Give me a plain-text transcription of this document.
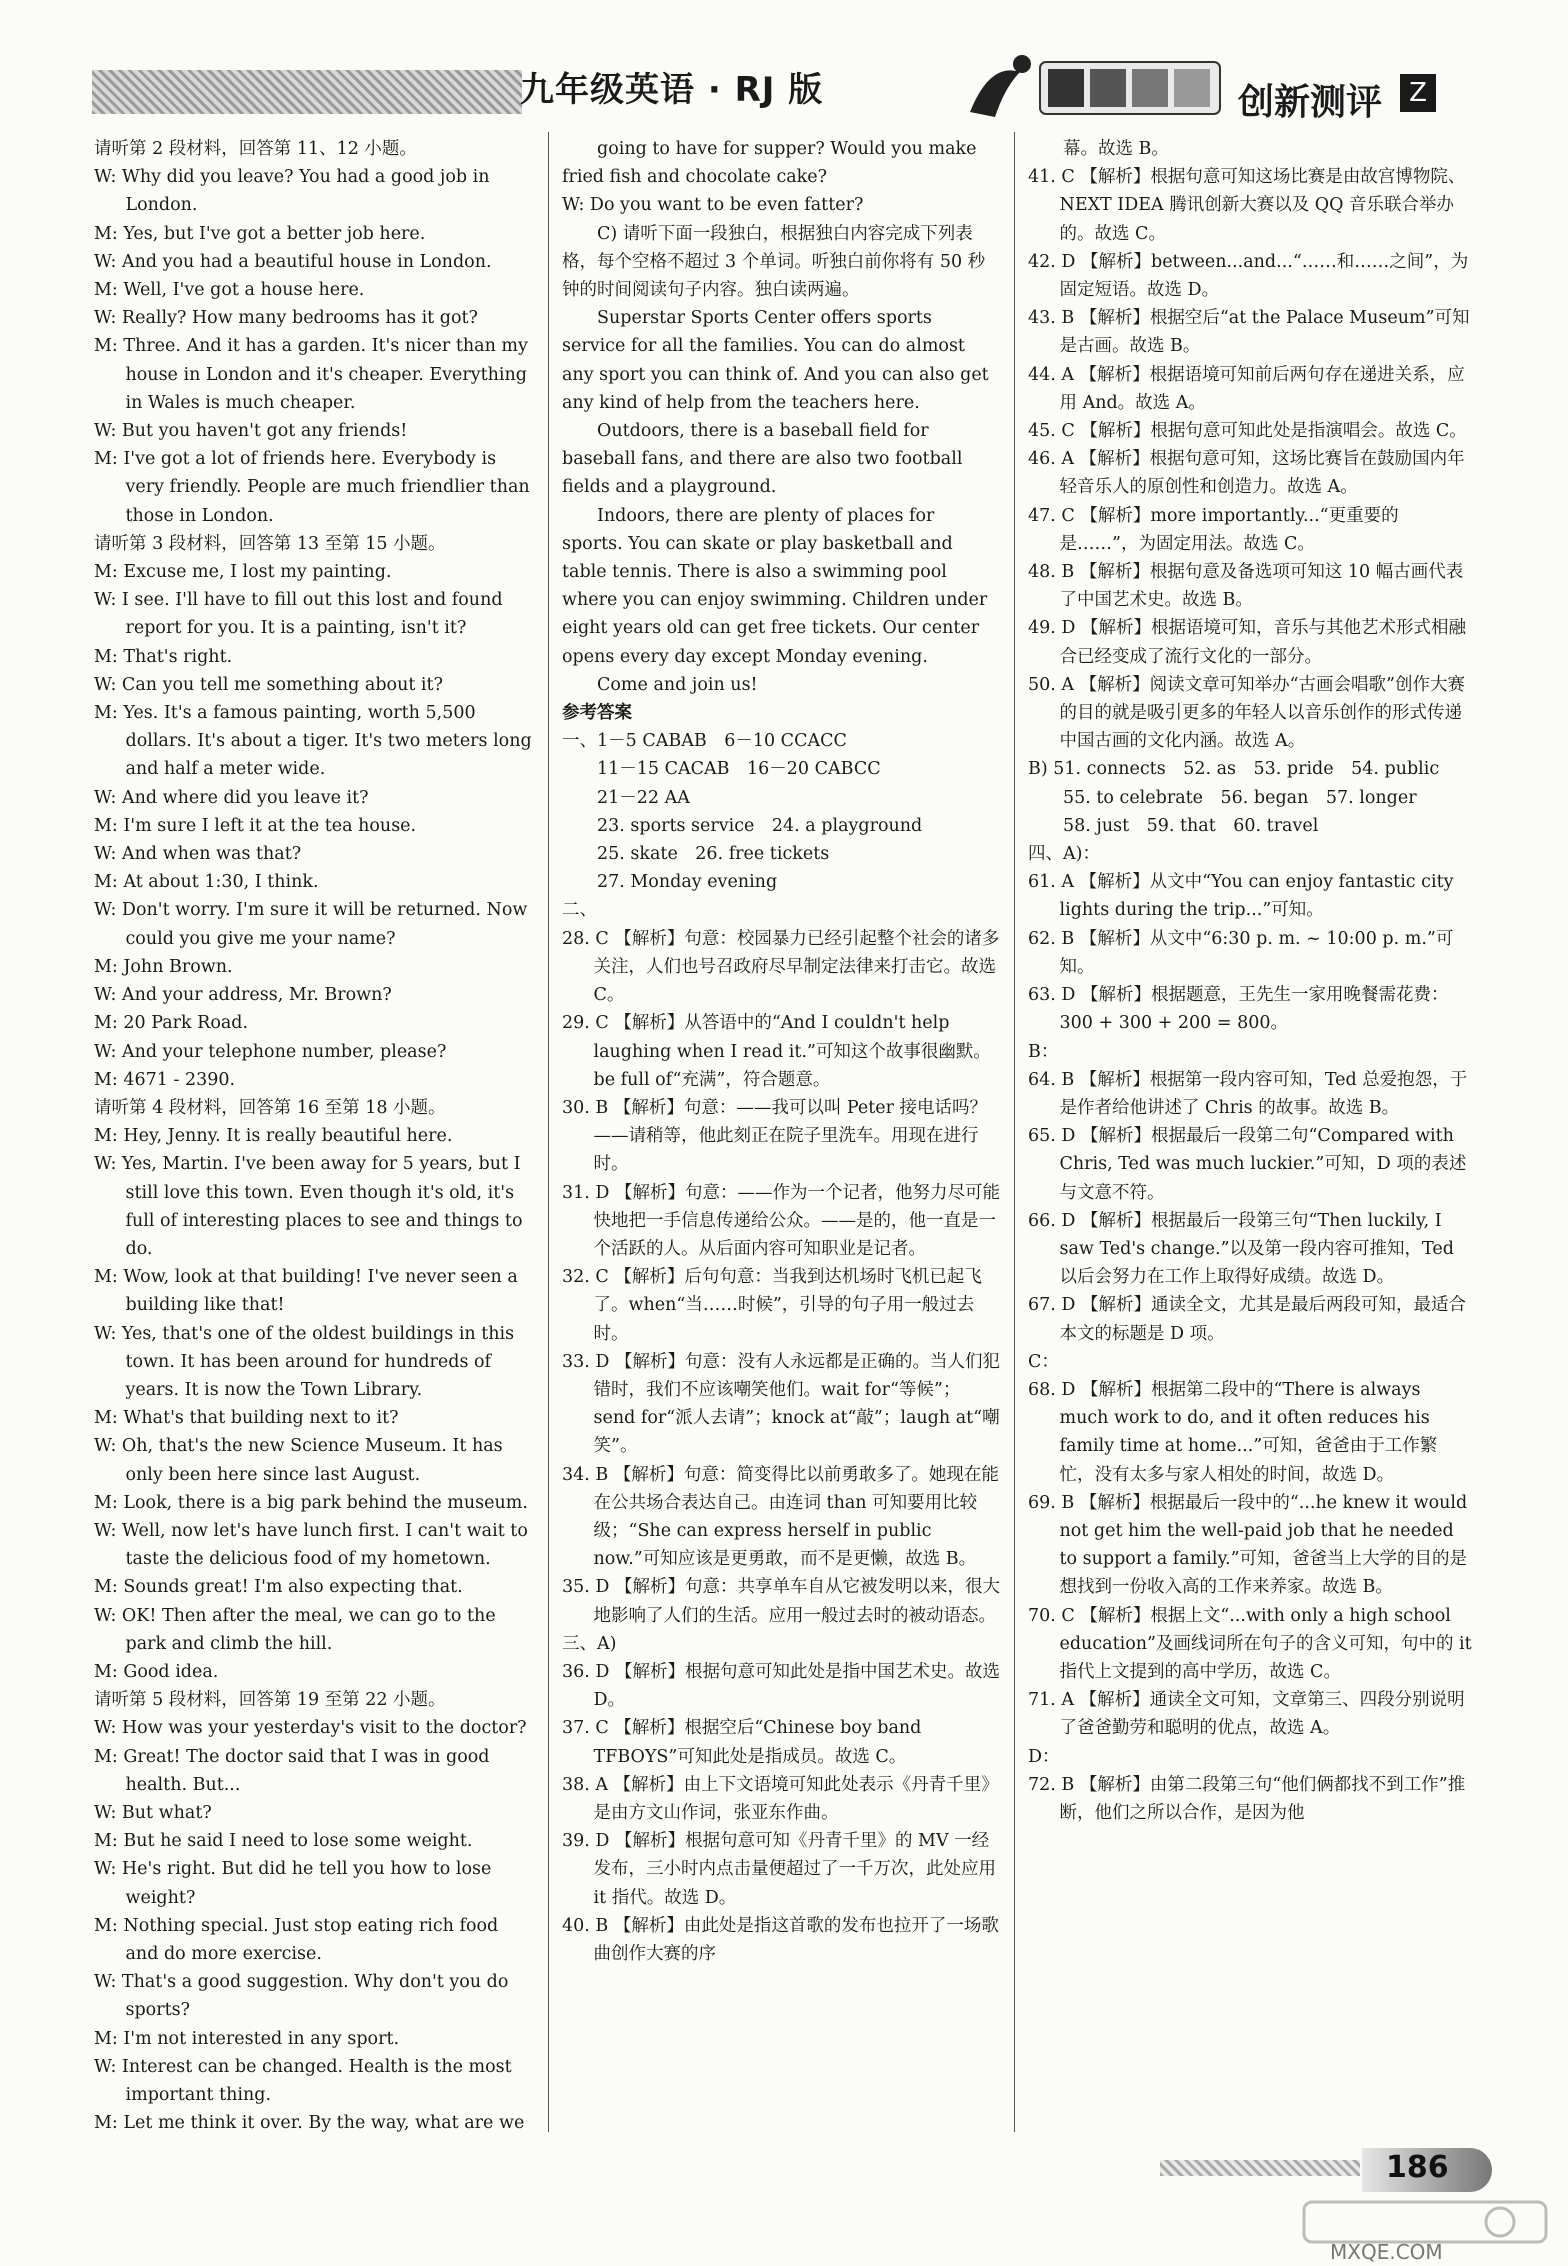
九年级英语 · RJ 版	创新测评	Z
请听第 2 段材料，回答第 11、12 小题。
W: Why did you leave? You had a good job in London.
M: Yes, but I've got a better job here.
W: And you had a beautiful house in London.
M: Well, I've got a house here.
W: Really? How many bedrooms has it got?
M: Three. And it has a garden. It's nicer than my house in London and it's cheaper. Everything in Wales is much cheaper.
W: But you haven't got any friends!
M: I've got a lot of friends here. Everybody is very friendly. People are much friendlier than those in London.
请听第 3 段材料，回答第 13 至第 15 小题。
M: Excuse me, I lost my painting.
W: I see. I'll have to fill out this lost and found report for you. It is a painting, isn't it?
M: That's right.
W: Can you tell me something about it?
M: Yes. It's a famous painting, worth 5,500 dollars. It's about a tiger. It's two meters long and half a meter wide.
W: And where did you leave it?
M: I'm sure I left it at the tea house.
W: And when was that?
M: At about 1:30, I think.
W: Don't worry. I'm sure it will be returned. Now could you give me your name?
M: John Brown.
W: And your address, Mr. Brown?
M: 20 Park Road.
W: And your telephone number, please?
M: 4671 - 2390.
请听第 4 段材料，回答第 16 至第 18 小题。
M: Hey, Jenny. It is really beautiful here.
W: Yes, Martin. I've been away for 5 years, but I still love this town. Even though it's old, it's full of interesting places to see and things to do.
M: Wow, look at that building! I've never seen a building like that!
W: Yes, that's one of the oldest buildings in this town. It has been around for hundreds of years. It is now the Town Library.
M: What's that building next to it?
W: Oh, that's the new Science Museum. It has only been here since last August.
M: Look, there is a big park behind the museum.
W: Well, now let's have lunch first. I can't wait to taste the delicious food of my hometown.
M: Sounds great! I'm also expecting that.
W: OK! Then after the meal, we can go to the park and climb the hill.
M: Good idea.
请听第 5 段材料，回答第 19 至第 22 小题。
W: How was your yesterday's visit to the doctor?
M: Great! The doctor said that I was in good health. But...
W: But what?
M: But he said I need to lose some weight.
W: He's right. But did he tell you how to lose weight?
M: Nothing special. Just stop eating rich food and do more exercise.
W: That's a good suggestion. Why don't you do sports?
M: I'm not interested in any sport.
W: Interest can be changed. Health is the most important thing.
M: Let me think it over. By the way, what are we
going to have for supper? Would you make fried fish and chocolate cake?
W: Do you want to be even fatter?
C) 请听下面一段独白，根据独白内容完成下列表格，每个空格不超过 3 个单词。听独白前你将有 50 秒钟的时间阅读句子内容。独白读两遍。
Superstar Sports Center offers sports service for all the families. You can do almost any sport you can think of. And you can also get any kind of help from the teachers here.
Outdoors, there is a baseball field for baseball fans, and there are also two football fields and a playground.
Indoors, there are plenty of places for sports. You can skate or play basketball and table tennis. There is also a swimming pool where you can enjoy swimming. Children under eight years old can get free tickets. Our center opens every day except Monday evening.
Come and join us!
参考答案
一、1－5 CABAB　6－10 CCACC
11－15 CACAB　16－20 CABCC
21－22 AA
23. sports service　24. a playground
25. skate　26. free tickets
27. Monday evening
二、
28. C 【解析】句意：校园暴力已经引起整个社会的诸多关注，人们也号召政府尽早制定法律来打击它。故选 C。
29. C 【解析】从答语中的“And I couldn't help laughing when I read it.”可知这个故事很幽默。be full of“充满”，符合题意。
30. B 【解析】句意：——我可以叫 Peter 接电话吗？——请稍等，他此刻正在院子里洗车。用现在进行时。
31. D 【解析】句意：——作为一个记者，他努力尽可能快地把一手信息传递给公众。——是的，他一直是一个活跃的人。从后面内容可知职业是记者。
32. C 【解析】后句句意：当我到达机场时飞机已起飞了。when“当……时候”，引导的句子用一般过去时。
33. D 【解析】句意：没有人永远都是正确的。当人们犯错时，我们不应该嘲笑他们。wait for“等候”；send for“派人去请”；knock at“敲”；laugh at“嘲笑”。
34. B 【解析】句意：简变得比以前勇敢多了。她现在能在公共场合表达自己。由连词 than 可知要用比较级；“She can express herself in public now.”可知应该是更勇敢，而不是更懒，故选 B。
35. D 【解析】句意：共享单车自从它被发明以来，很大地影响了人们的生活。应用一般过去时的被动语态。
三、A)
36. D 【解析】根据句意可知此处是指中国艺术史。故选 D。
37. C 【解析】根据空后“Chinese boy band TFBOYS”可知此处是指成员。故选 C。
38. A 【解析】由上下文语境可知此处表示《丹青千里》是由方文山作词，张亚东作曲。
39. D 【解析】根据句意可知《丹青千里》的 MV 一经发布，三小时内点击量便超过了一千万次，此处应用 it 指代。故选 D。
40. B 【解析】由此处是指这首歌的发布也拉开了一场歌曲创作大赛的序
幕。故选 B。
41. C 【解析】根据句意可知这场比赛是由故宫博物院、NEXT IDEA 腾讯创新大赛以及 QQ 音乐联合举办的。故选 C。
42. D 【解析】between...and...“……和……之间”，为固定短语。故选 D。
43. B 【解析】根据空后“at the Palace Museum”可知是古画。故选 B。
44. A 【解析】根据语境可知前后两句存在递进关系，应用 And。故选 A。
45. C 【解析】根据句意可知此处是指演唱会。故选 C。
46. A 【解析】根据句意可知，这场比赛旨在鼓励国内年轻音乐人的原创性和创造力。故选 A。
47. C 【解析】more importantly...“更重要的是……”，为固定用法。故选 C。
48. B 【解析】根据句意及备选项可知这 10 幅古画代表了中国艺术史。故选 B。
49. D 【解析】根据语境可知，音乐与其他艺术形式相融合已经变成了流行文化的一部分。
50. A 【解析】阅读文章可知举办“古画会唱歌”创作大赛的目的就是吸引更多的年轻人以音乐创作的形式传递中国古画的文化内涵。故选 A。
B) 51. connects　52. as　53. pride　54. public
55. to celebrate　56. began　57. longer
58. just　59. that　60. travel
四、A)：
61. A 【解析】从文中“You can enjoy fantastic city lights during the trip...”可知。
62. B 【解析】从文中“6:30 p. m. ~ 10:00 p. m.”可知。
63. D 【解析】根据题意，王先生一家用晚餐需花费：300 + 300 + 200 = 800。
B：
64. B 【解析】根据第一段内容可知，Ted 总爱抱怨，于是作者给他讲述了 Chris 的故事。故选 B。
65. D 【解析】根据最后一段第二句“Compared with Chris, Ted was much luckier.”可知，D 项的表述与文意不符。
66. D 【解析】根据最后一段第三句“Then luckily, I saw Ted's change.”以及第一段内容可推知，Ted 以后会努力在工作上取得好成绩。故选 D。
67. D 【解析】通读全文，尤其是最后两段可知，最适合本文的标题是 D 项。
C：
68. D 【解析】根据第二段中的“There is always much work to do, and it often reduces his family time at home...”可知，爸爸由于工作繁忙，没有太多与家人相处的时间，故选 D。
69. B 【解析】根据最后一段中的“...he knew it would not get him the well-paid job that he needed to support a family.”可知，爸爸当上大学的目的是想找到一份收入高的工作来养家。故选 B。
70. C 【解析】根据上文“...with only a high school education”及画线词所在句子的含义可知，句中的 it 指代上文提到的高中学历，故选 C。
71. A 【解析】通读全文可知，文章第三、四段分别说明了爸爸勤劳和聪明的优点，故选 A。
D：
72. B 【解析】由第二段第三句“他们俩都找不到工作”推断，他们之所以合作，是因为他
186
MXQE.COM
